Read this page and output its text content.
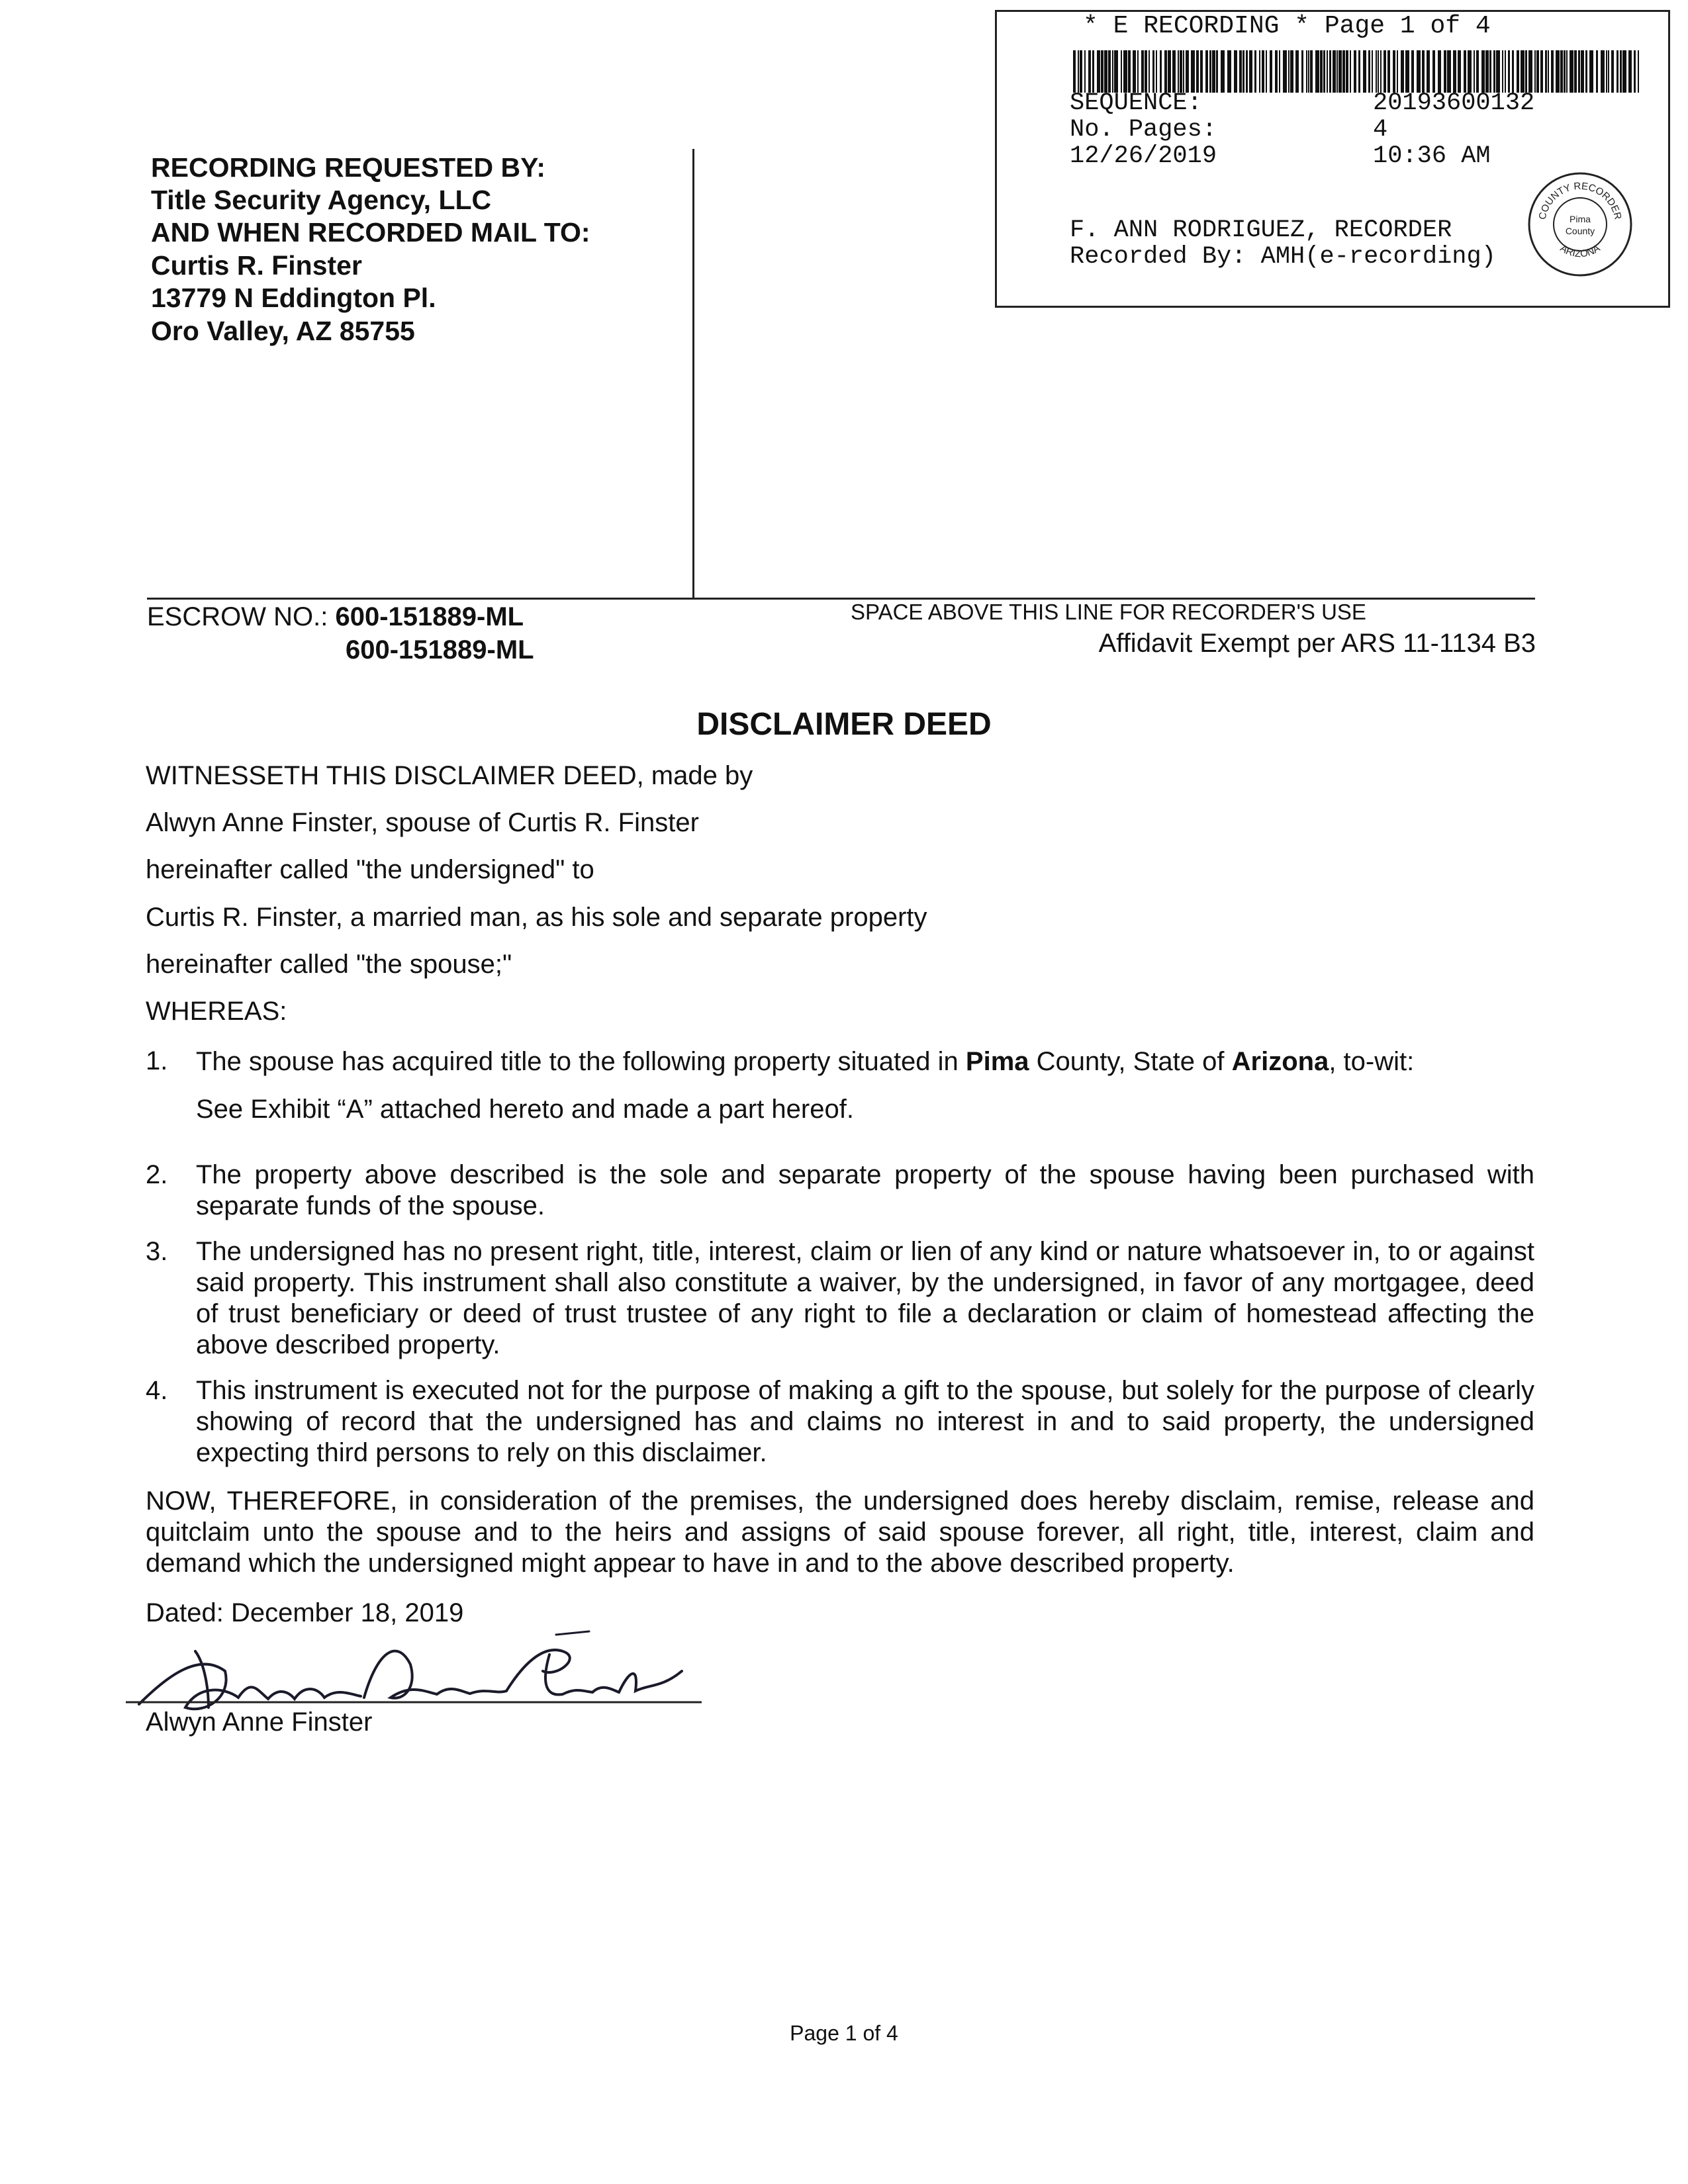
* E RECORDING * Page 1 of 4
SEQUENCE:	20193600132
No. Pages:	4
12/26/2019	10:36 AM
F. ANN RODRIGUEZ, RECORDER
Recorded By: AMH(e-recording)
COUNTY RECORDER
ARIZONA
Pima
County
RECORDING REQUESTED BY:
Title Security Agency, LLC
AND WHEN RECORDED MAIL TO:
Curtis R. Finster
13779 N Eddington Pl.
Oro Valley, AZ 85755
ESCROW NO.: 600-151889-ML
600-151889-ML
SPACE ABOVE THIS LINE FOR RECORDER'S USE
Affidavit Exempt per ARS 11-1134 B3
DISCLAIMER DEED
WITNESSETH THIS DISCLAIMER DEED, made by
Alwyn Anne Finster, spouse of Curtis R. Finster
hereinafter called "the undersigned" to
Curtis R. Finster, a married man, as his sole and separate property
hereinafter called "the spouse;"
WHEREAS:
1. The spouse has acquired title to the following property situated in Pima County, State of Arizona, to-wit:
See Exhibit “A” attached hereto and made a part hereof.
2. The property above described is the sole and separate property of the spouse having been purchased with separate funds of the spouse.
3. The undersigned has no present right, title, interest, claim or lien of any kind or nature whatsoever in, to or against said property. This instrument shall also constitute a waiver, by the undersigned, in favor of any mortgagee, deed of trust beneficiary or deed of trust trustee of any right to file a declaration or claim of homestead affecting the above described property.
4. This instrument is executed not for the purpose of making a gift to the spouse, but solely for the purpose of clearly showing of record that the undersigned has and claims no interest in and to said property, the undersigned expecting third persons to rely on this disclaimer.
NOW, THEREFORE, in consideration of the premises, the undersigned does hereby disclaim, remise, release and quitclaim unto the spouse and to the heirs and assigns of said spouse forever, all right, title, interest, claim and demand which the undersigned might appear to have in and to the above described property.
Dated: December 18, 2019
Alwyn Anne Finster
Page 1 of 4
